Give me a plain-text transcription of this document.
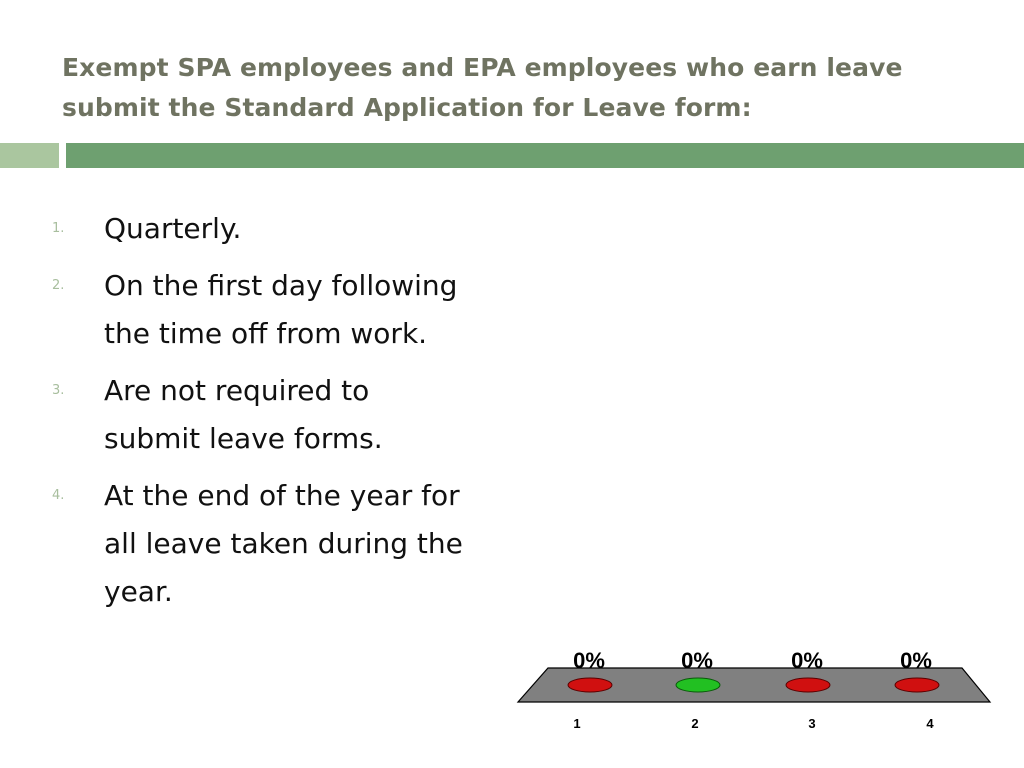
Exempt SPA employees and EPA employees who earn leave submit the Standard Application for Leave form:
1. Quarterly.
2. On the first day following the time off from work.
3. Are not required to submit leave forms.
4. At the end of the year for all leave taken during the year.
0%	0%	0%	0%
1	2	3	4
